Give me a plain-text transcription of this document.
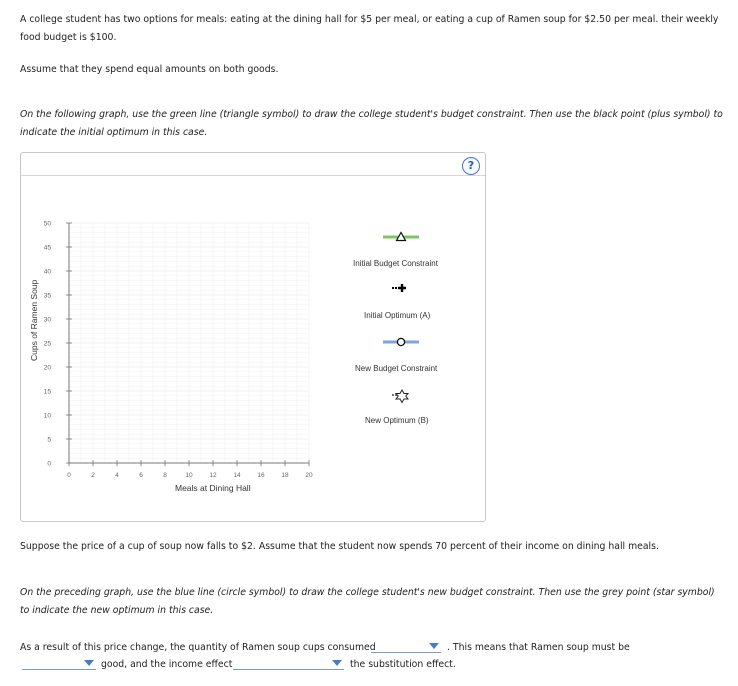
A college student has two options for meals: eating at the dining hall for $5 per meal, or eating a cup of Ramen soup for $2.50 per meal. their weekly

food budget is $100.

Assume that they spend equal amounts on both goods.

On the following graph, use the green line (triangle symbol) to draw the college student's budget constraint. Then use the black point (plus symbol) to

indicate the initial optimum in this case.

?
0
5
10
15
20
25
30
35
40
45
50
0	2	4	6	8	10	12	14	16	18	20
Meals at Dining Hall
Cups of Ramen Soup
Initial Budget Constraint
Initial Optimum (A)
New Budget Constraint
New Optimum (B)

Suppose the price of a cup of soup now falls to $2. Assume that the student now spends 70 percent of their income on dining hall meals.

On the preceding graph, use the blue line (circle symbol) to draw the college student's new budget constraint. Then use the grey point (star symbol)

to indicate the new optimum in this case.

As a result of this price change, the quantity of Ramen soup cups consumed	. This means that Ramen soup must be

good, and the income effect	the substitution effect.
